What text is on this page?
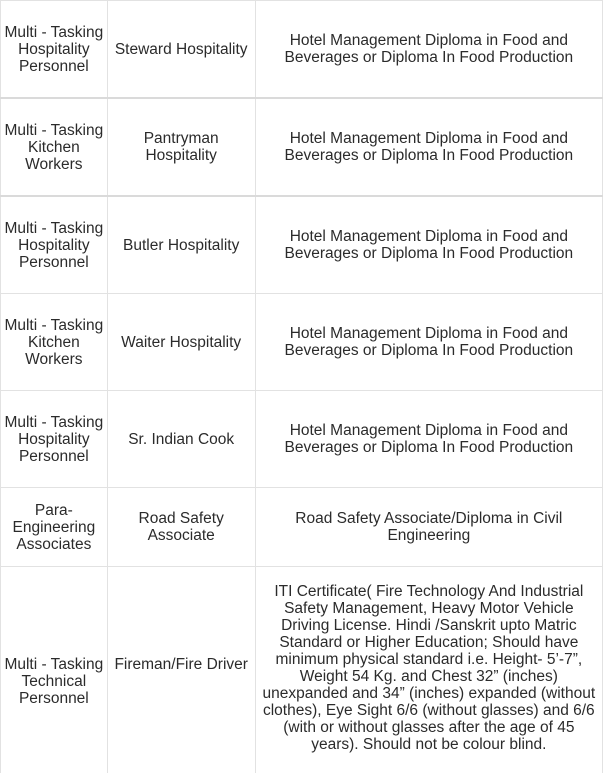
Multi - Tasking Hospitality Personnel	Steward Hospitality	Hotel Management Diploma in Food and Beverages or Diploma In Food Production
Multi - Tasking Kitchen Workers	Pantryman Hospitality	Hotel Management Diploma in Food and Beverages or Diploma In Food Production
Multi - Tasking Hospitality Personnel	Butler Hospitality	Hotel Management Diploma in Food and Beverages or Diploma In Food Production
Multi - Tasking Kitchen Workers	Waiter Hospitality	Hotel Management Diploma in Food and Beverages or Diploma In Food Production
Multi - Tasking Hospitality Personnel	Sr. Indian Cook	Hotel Management Diploma in Food and Beverages or Diploma In Food Production
Para-Engineering Associates	Road Safety Associate	Road Safety Associate/Diploma in Civil Engineering
Multi - Tasking Technical Personnel	Fireman/Fire Driver	ITI Certificate( Fire Technology And Industrial Safety Management, Heavy Motor Vehicle Driving License. Hindi /Sanskrit upto Matric Standard or Higher Education; Should have minimum physical standard i.e. Height- 5’-7”, Weight 54 Kg. and Chest 32” (inches) unexpanded and 34” (inches) expanded (without clothes), Eye Sight 6/6 (without glasses) and 6/6 (with or without glasses after the age of 45 years). Should not be colour blind.
